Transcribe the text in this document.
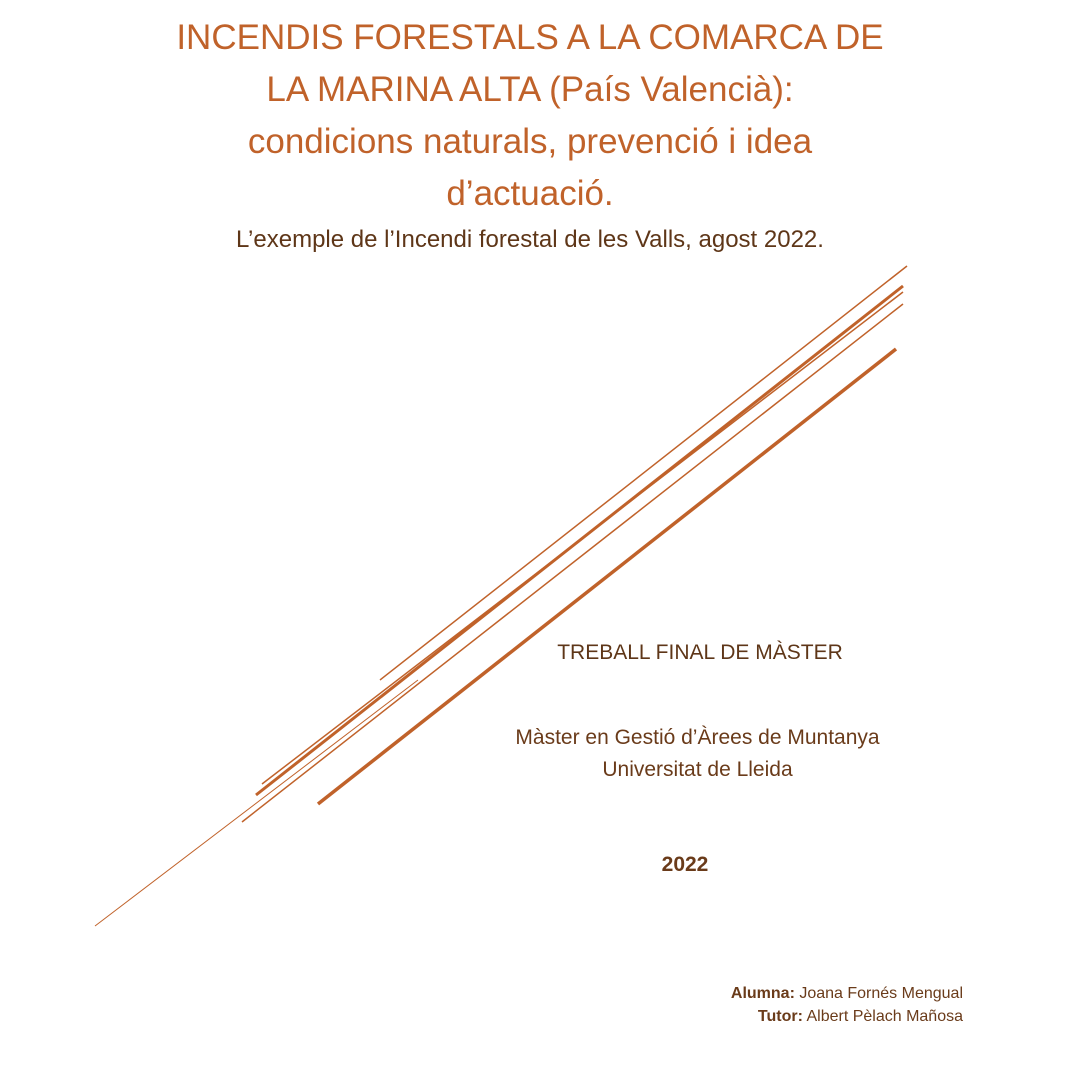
INCENDIS FORESTALS A LA COMARCA DE
LA MARINA ALTA (País Valencià):
condicions naturals, prevenció i idea
d’actuació.
L’exemple de l’Incendi forestal de les Valls, agost 2022.
TREBALL FINAL DE MÀSTER
Màster en Gestió d’Àrees de Muntanya
Universitat de Lleida
2022
Alumna: Joana Fornés Mengual
Tutor: Albert Pèlach Mañosa
